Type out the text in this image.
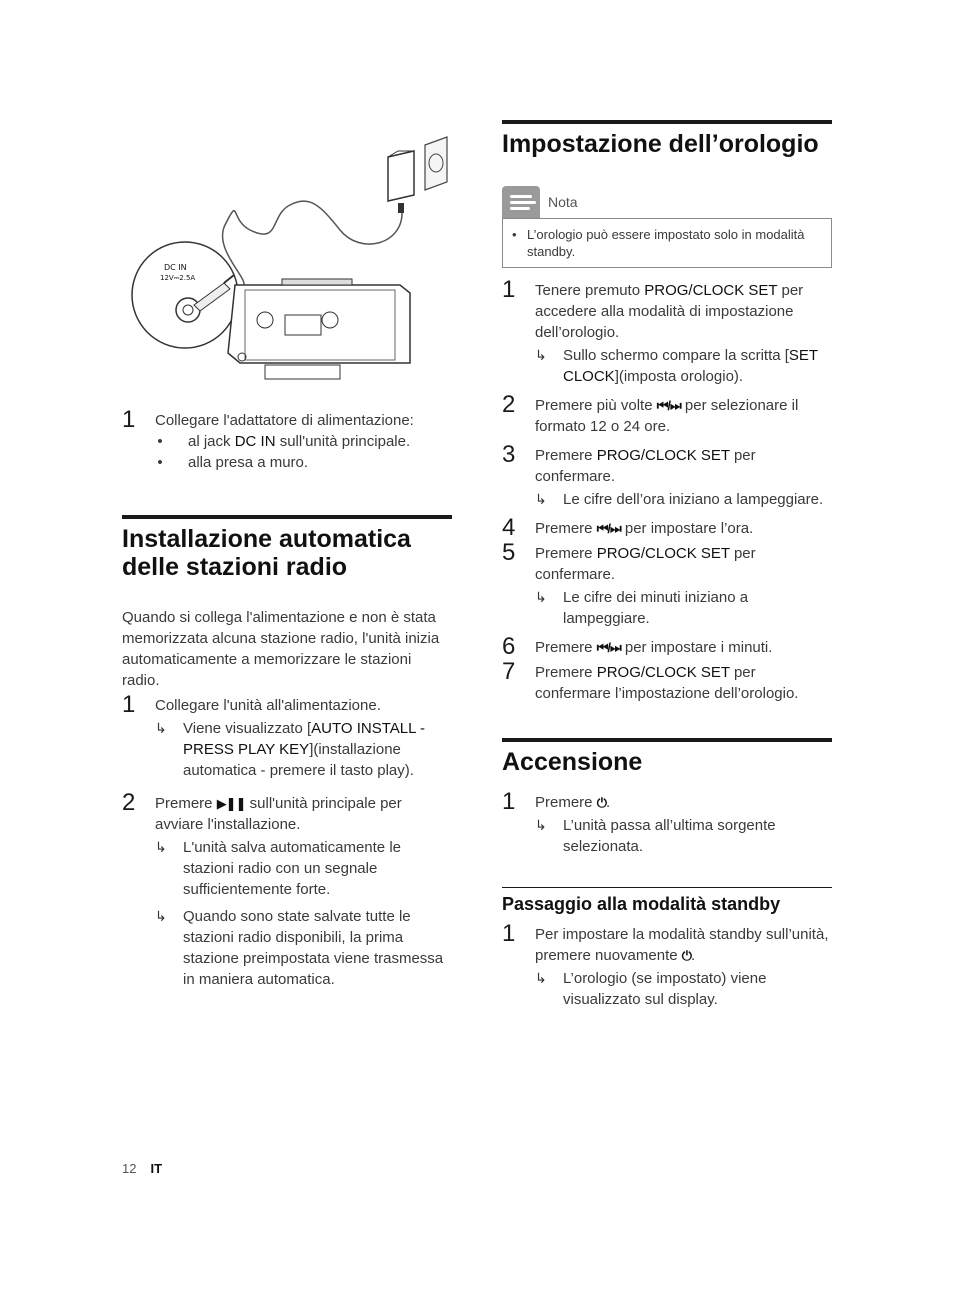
DC IN
12V⎓2.5A
1 Collegare l'adattatore di alimentazione:

• al jack DC IN sull'unità principale.

• alla presa a muro.

Installazione automatica delle stazioni radio

Quando si collega l'alimentazione e non è stata memorizzata alcuna stazione radio, l'unità inizia automaticamente a memorizzare le stazioni radio.

1 Collegare l'unità all'alimentazione.

↳ Viene visualizzato [AUTO INSTALL - PRESS PLAY KEY](installazione automatica - premere il tasto play).
2 Premere ▶❚❚ sull'unità principale per avviare l'installazione.

↳ L'unità salva automaticamente le stazioni radio con un segnale sufficientemente forte.
↳ Quando sono state salvate tutte le stazioni radio disponibili, la prima stazione preimpostata viene trasmessa in maniera automatica.
Impostazione dell’orologio
Nota
• L’orologio può essere impostato solo in modalità standby.
1 Tenere premuto PROG/CLOCK SET per accedere alla modalità di impostazione dell’orologio.

↳ Sullo schermo compare la scritta [SET CLOCK](imposta orologio).
2 Premere più volte ⏮/⏭ per selezionare il formato 12 o 24 ore.

3 Premere PROG/CLOCK SET per confermare.

↳ Le cifre dell’ora iniziano a lampeggiare.
4 Premere ⏮/⏭ per impostare l’ora.

5 Premere PROG/CLOCK SET per confermare.

↳ Le cifre dei minuti iniziano a lampeggiare.
6 Premere ⏮/⏭ per impostare i minuti.

7 Premere PROG/CLOCK SET per confermare l’impostazione dell’orologio.

Accensione
1 Premere ⏻.

↳ L’unità passa all’ultima sorgente selezionata.
Passaggio alla modalità standby
1 Per impostare la modalità standby sull’unità, premere nuovamente ⏻.

↳ L’orologio (se impostato) viene visualizzato sul display.
12 IT
